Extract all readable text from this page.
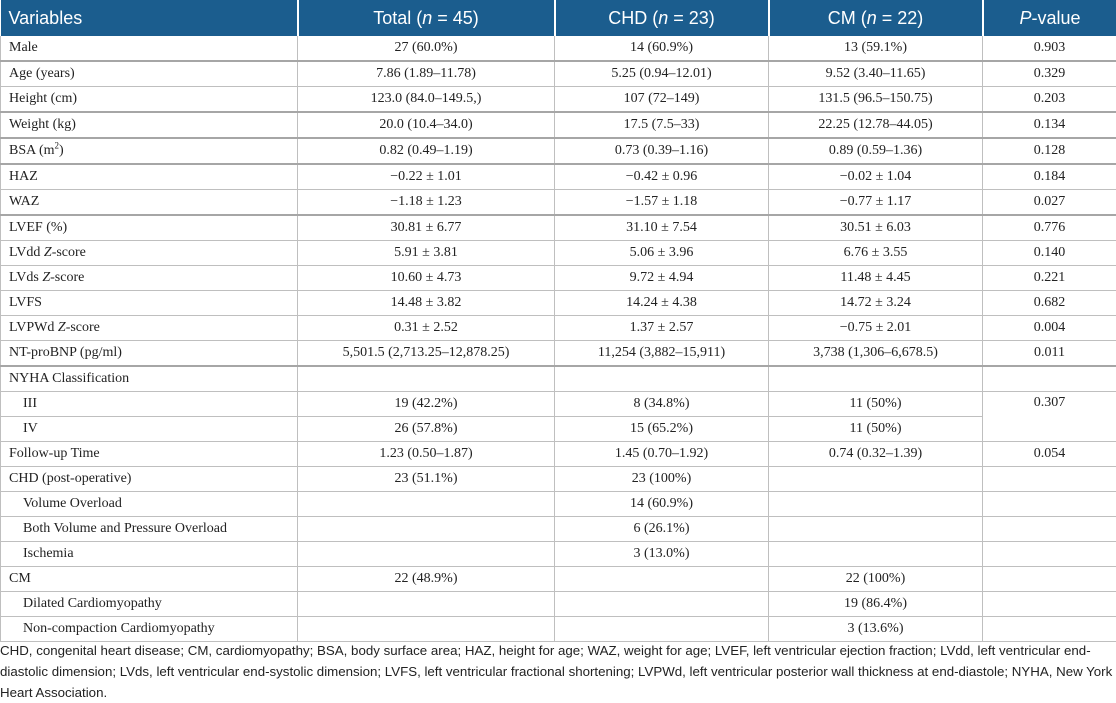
Variables	Total (n = 45)	CHD (n = 23)	CM (n = 22)	P-value
Male	27 (60.0%)	14 (60.9%)	13 (59.1%)	0.903
Age (years)	7.86 (1.89–11.78)	5.25 (0.94–12.01)	9.52 (3.40–11.65)	0.329
Height (cm)	123.0 (84.0–149.5,)	107 (72–149)	131.5 (96.5–150.75)	0.203
Weight (kg)	20.0 (10.4–34.0)	17.5 (7.5–33)	22.25 (12.78–44.05)	0.134
BSA $(m^2)$	0.82 (0.49–1.19)	0.73 (0.39–1.16)	0.89 (0.59–1.36)	0.128
HAZ	−0.22 ± 1.01	−0.42 ± 0.96	−0.02 ± 1.04	0.184
WAZ	−1.18 ± 1.23	−1.57 ± 1.18	−0.77 ± 1.17	0.027
LVEF (%)	30.81 ± 6.77	31.10 ± 7.54	30.51 ± 6.03	0.776
LVdd Z-score	5.91 ± 3.81	5.06 ± 3.96	6.76 ± 3.55	0.140
LVds Z-score	10.60 ± 4.73	9.72 ± 4.94	11.48 ± 4.45	0.221
LVFS	14.48 ± 3.82	14.24 ± 4.38	14.72 ± 3.24	0.682
LVPWd Z-score	0.31 ± 2.52	1.37 ± 2.57	−0.75 ± 2.01	0.004
NT-proBNP (pg/ml)	5,501.5 (2,713.25–12,878.25)	11,254 (3,882–15,911)	3,738 (1,306–6,678.5)	0.011
NYHA Classification				
III	19 (42.2%)	8 (34.8%)	11 (50%)	0.307
IV	26 (57.8%)	15 (65.2%)	11 (50%)	
Follow-up Time	1.23 (0.50–1.87)	1.45 (0.70–1.92)	0.74 (0.32–1.39)	0.054
CHD (post-operative)	23 (51.1%)	23 (100%)		
Volume Overload		14 (60.9%)		
Both Volume and Pressure Overload		6 (26.1%)		
Ischemia		3 (13.0%)		
CM	22 (48.9%)		22 (100%)	
Dilated Cardiomyopathy			19 (86.4%)	
Non-compaction Cardiomyopathy			3 (13.6%)	
CHD, congenital heart disease; CM, cardiomyopathy; BSA, body surface area; HAZ, height for age; WAZ, weight for age; LVEF, left ventricular ejection fraction; LVdd, left ventricular end-diastolic dimension; LVds, left ventricular end-systolic dimension; LVFS, left ventricular fractional shortening; LVPWd, left ventricular posterior wall thickness at end-diastole; NYHA, New York Heart Association.
